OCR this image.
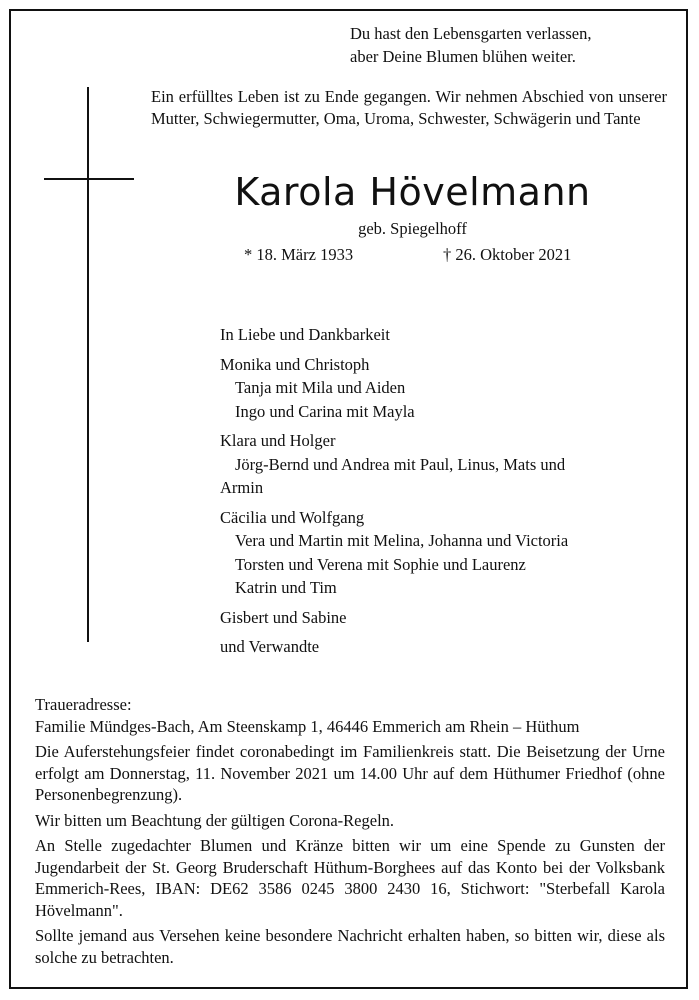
Du hast den Lebensgarten verlassen,
aber Deine Blumen blühen weiter.
Ein erfülltes Leben ist zu Ende gegangen. Wir nehmen Abschied von unserer Mutter, Schwiegermutter, Oma, Uroma, Schwester, Schwägerin und Tante
Karola Hövelmann
geb. Spiegelhoff
* 18. März 1933	† 26. Oktober 2021
In Liebe und Dankbarkeit
Monika und Christoph
Tanja mit Mila und Aiden
Ingo und Carina mit Mayla
Klara und Holger
Jörg-Bernd und Andrea mit Paul, Linus, Mats und
Armin
Cäcilia und Wolfgang
Vera und Martin mit Melina, Johanna und Victoria
Torsten und Verena mit Sophie und Laurenz
Katrin und Tim
Gisbert und Sabine
und Verwandte
Traueradresse:

Familie Mündges-Bach, Am Steenskamp 1, 46446 Emmerich am Rhein – Hüthum

Die Auferstehungsfeier findet coronabedingt im Familienkreis statt. Die Beisetzung der Urne erfolgt am Donnerstag, 11. November 2021 um 14.00 Uhr auf dem Hüthumer Friedhof (ohne Personenbegrenzung).

Wir bitten um Beachtung der gültigen Corona-Regeln.

An Stelle zugedachter Blumen und Kränze bitten wir um eine Spende zu Gunsten der Jugendarbeit der St. Georg Bruderschaft Hüthum-Borghees auf das Konto bei der Volksbank Emmerich-Rees, IBAN: DE62 3586 0245 3800 2430 16, Stichwort: "Sterbefall Karola Hövelmann".

Sollte jemand aus Versehen keine besondere Nachricht erhalten haben, so bitten wir, diese als solche zu betrachten.
